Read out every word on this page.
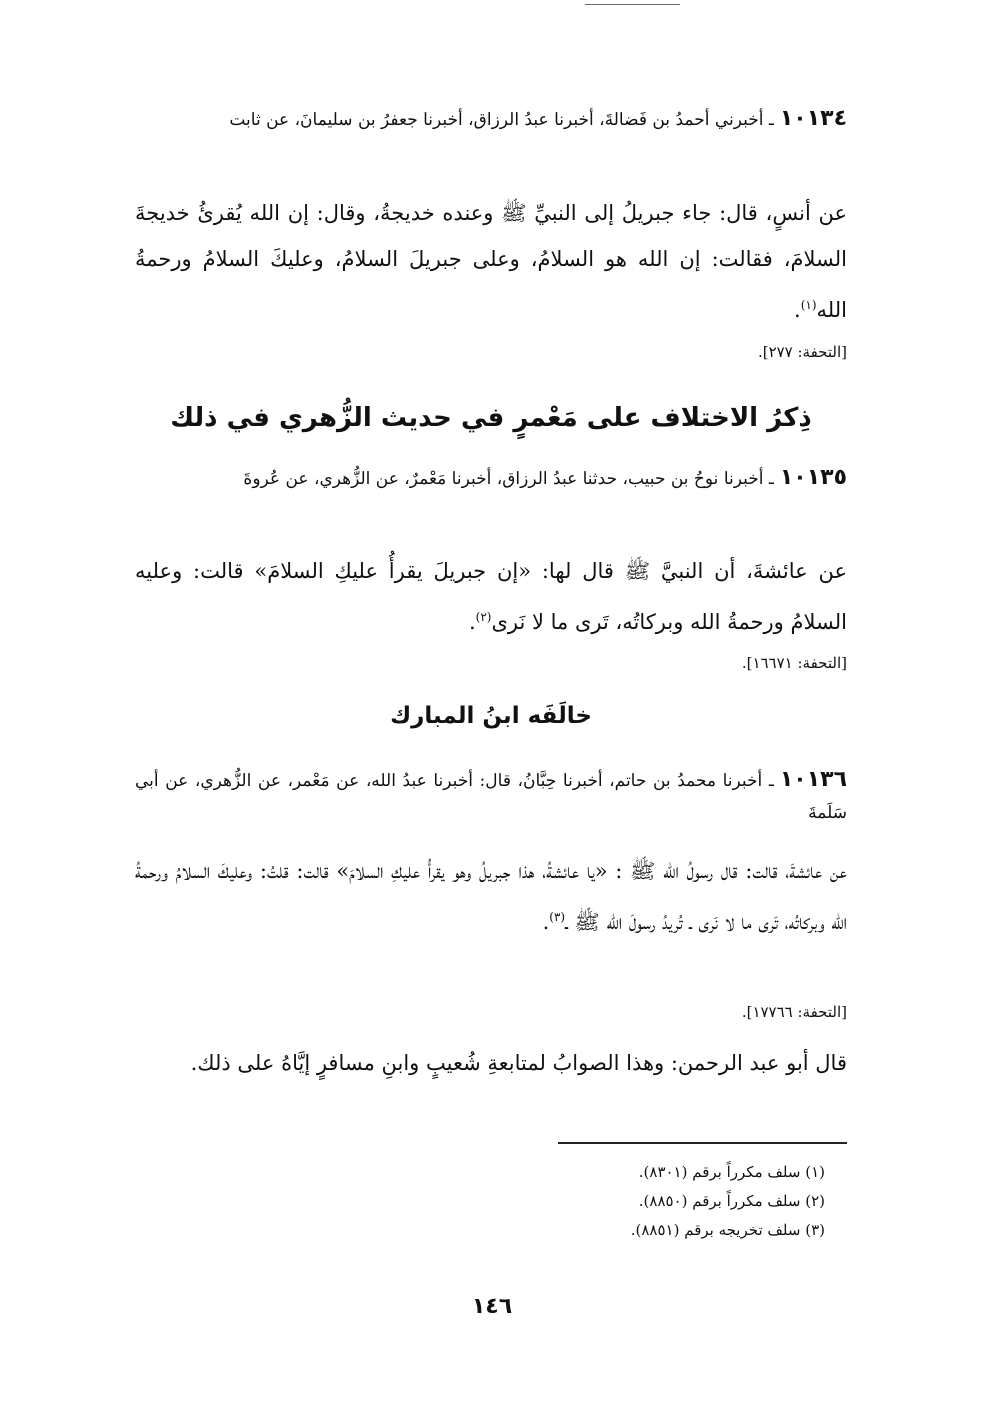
١٠١٣٤ـ أخبرني أحمدُ بن فَضالةَ، أخبرنا عبدُ الرزاق، أخبرنا جعفرُ بن سليمانَ، عن ثابت
عن أنسٍ، قال: جاء جبريلُ إلى النبيِّ ﷺ وعنده خديجةُ، وقال: إن الله يُقرئُ خديجةَ السلامَ، فقالت: إن الله هو السلامُ، وعلى جبريلَ السلامُ، وعليكَ السلامُ ورحمةُ الله$^{(١)}$.
[التحفة: ٢٧٧].
ذِكرُ الاختلاف على مَعْمرٍ في حديث الزُّهري في ذلك
١٠١٣٥ـ أخبرنا نوحُ بن حبيب، حدثنا عبدُ الرزاق، أخبرنا مَعْمرٌ، عن الزُّهري، عن عُروةَ
عن عائشةَ، أن النبيَّ ﷺ قال لها: «إن جبريلَ يقرأُ عليكِ السلامَ» قالت: وعليه السلامُ ورحمةُ الله وبركاتُه، تَرى ما لا نَرى$^{(٢)}$.
[التحفة: ١٦٦٧١].
خالَفَه ابنُ المبارك
١٠١٣٦ـ أخبرنا محمدُ بن حاتم، أخبرنا حِبَّانُ، قال: أخبرنا عبدُ الله، عن مَعْمر، عن الزُّهري، عن أبي سَلَمةَ
عن عائشةَ، قالت: قال رسولُ الله ﷺ : «يا عائشةُ، هذا جبريلُ وهو يقرأُ عليكِ السلامَ» قالت: قلتُ: وعليكَ السلامُ ورحمةُ الله وبركاتُه، تَرى ما لا نَرى ـ تُريدُ رسولَ الله ﷺ ـ$^{(٣)}$.
[التحفة: ١٧٧٦٦].
قال أبو عبد الرحمن: وهذا الصوابُ لمتابعةِ شُعيبٍ وابنِ مسافرٍ إيَّاهُ على ذلك.
(١) سلف مكرراً برقم (٨٣٠١).
(٢) سلف مكرراً برقم (٨٨٥٠).
(٣) سلف تخريجه برقم (٨٨٥١).
١٤٦
